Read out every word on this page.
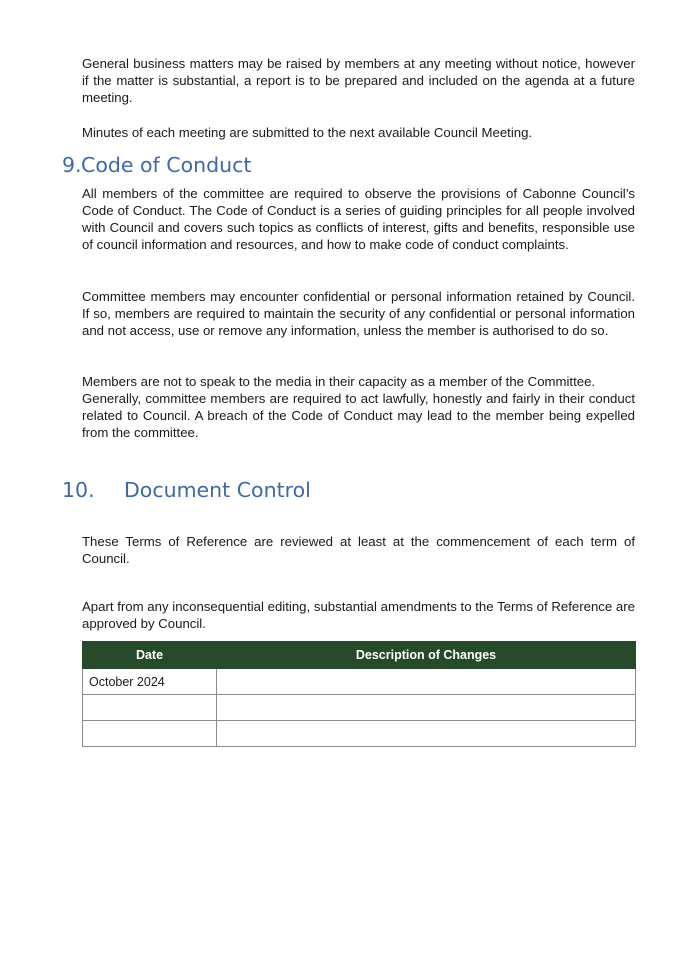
General business matters may be raised by members at any meeting without notice, however if the matter is substantial, a report is to be prepared and included on the agenda at a future meeting.

Minutes of each meeting are submitted to the next available Council Meeting.

9.Code of Conduct

All members of the committee are required to observe the provisions of Cabonne Council’s Code of Conduct. The Code of Conduct is a series of guiding principles for all people involved with Council and covers such topics as conflicts of interest, gifts and benefits, responsible use of council information and resources, and how to make code of conduct complaints.

Committee members may encounter confidential or personal information retained by Council. If so, members are required to maintain the security of any confidential or personal information and not access, use or remove any information, unless the member is authorised to do so.

Members are not to speak to the media in their capacity as a member of the Committee.

Generally, committee members are required to act lawfully, honestly and fairly in their conduct related to Council. A breach of the Code of Conduct may lead to the member being expelled from the committee.

10. Document Control

These Terms of Reference are reviewed at least at the commencement of each term of Council.

Apart from any inconsequential editing, substantial amendments to the Terms of Reference are approved by Council.

Date	Description of Changes
October 2024	
